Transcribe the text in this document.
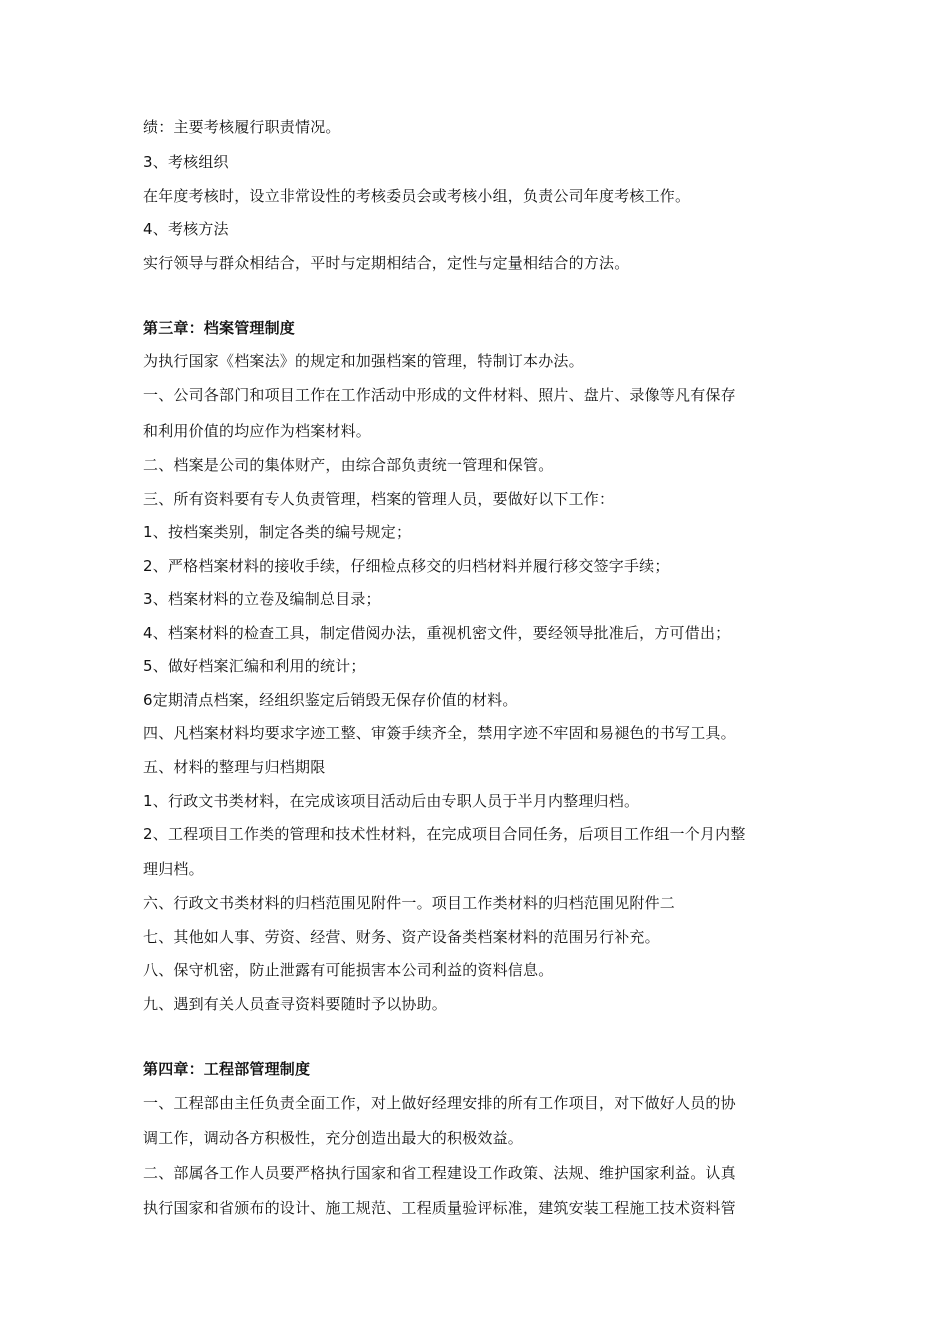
绩：主要考核履行职责情况。
3、考核组织
在年度考核时，设立非常设性的考核委员会或考核小组，负责公司年度考核工作。
4、考核方法
实行领导与群众相结合，平时与定期相结合，定性与定量相结合的方法。
第三章：档案管理制度
为执行国家《档案法》的规定和加强档案的管理，特制订本办法。
一、公司各部门和项目工作在工作活动中形成的文件材料、照片、盘片、录像等凡有保存
和利用价值的均应作为档案材料。
二、档案是公司的集体财产，由综合部负责统一管理和保管。
三、所有资料要有专人负责管理，档案的管理人员，要做好以下工作：
1、按档案类别，制定各类的编号规定；
2、严格档案材料的接收手续，仔细检点移交的归档材料并履行移交签字手续；
3、档案材料的立卷及编制总目录；
4、档案材料的检查工具，制定借阅办法，重视机密文件，要经领导批准后，方可借出；
5、做好档案汇编和利用的统计；
6定期清点档案，经组织鉴定后销毁无保存价值的材料。
四、凡档案材料均要求字迹工整、审簽手续齐全，禁用字迹不牢固和易褪色的书写工具。
五、材料的整理与归档期限
1、行政文书类材料，在完成该项目活动后由专职人员于半月内整理归档。
2、工程项目工作类的管理和技术性材料，在完成项目合同任务，后项目工作组一个月内整
理归档。
六、行政文书类材料的归档范围见附件一。项目工作类材料的归档范围见附件二
七、其他如人事、劳资、经营、财务、资产设备类档案材料的范围另行补充。
八、保守机密，防止泄露有可能损害本公司利益的资料信息。
九、遇到有关人员查寻资料要随时予以协助。
第四章：工程部管理制度
一、工程部由主任负责全面工作，对上做好经理安排的所有工作项目，对下做好人员的协
调工作，调动各方积极性，充分创造出最大的积极效益。
二、部属各工作人员要严格执行国家和省工程建设工作政策、法规、维护国家利益。认真
执行国家和省颁布的设计、施工规范、工程质量验评标准，建筑安装工程施工技术资料管
